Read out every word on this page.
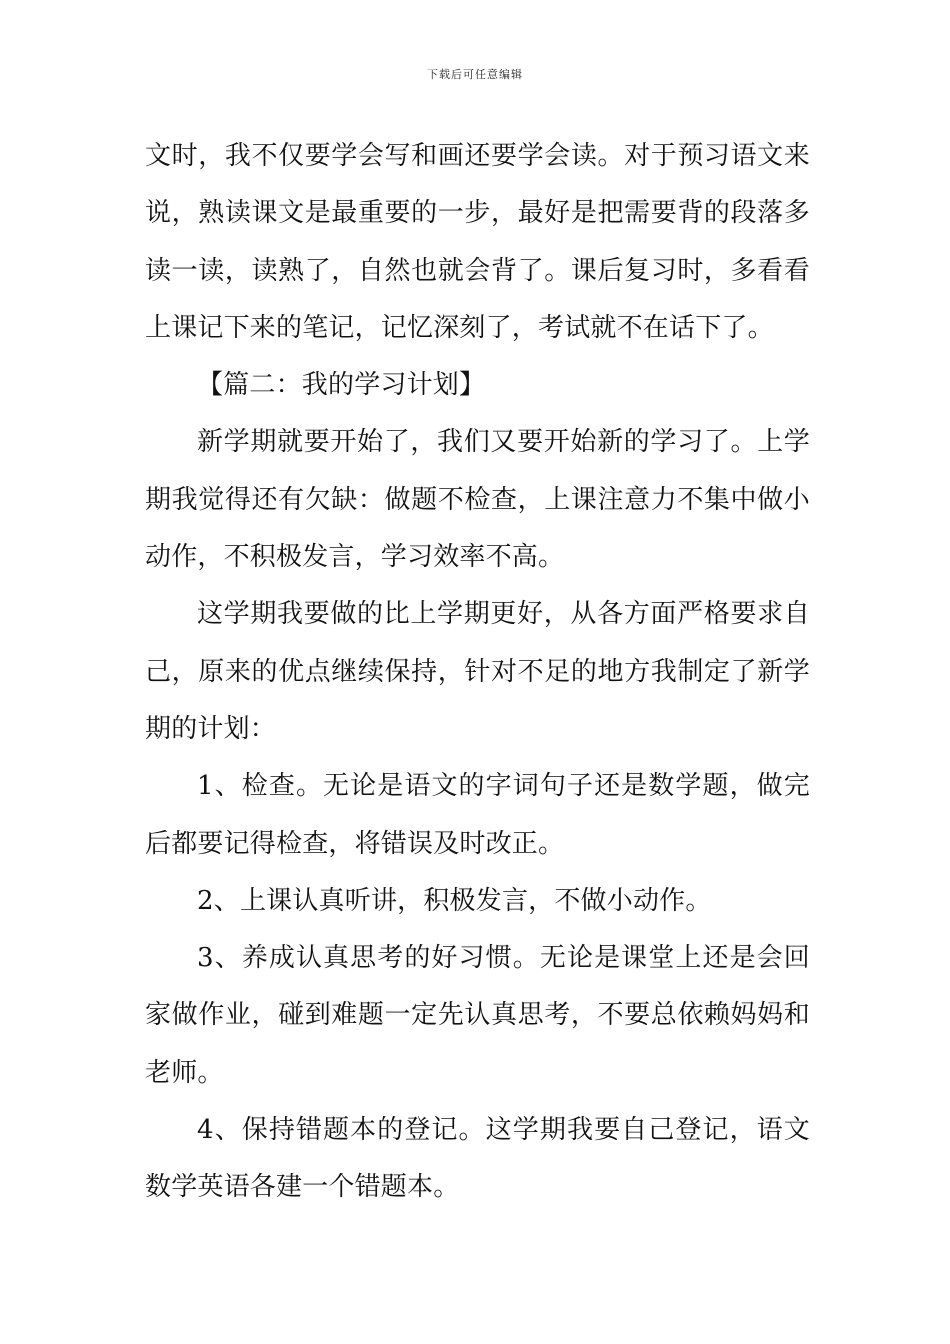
下载后可任意编辑

文时，我不仅要学会写和画还要学会读。对于预习语文来说，熟读课文是最重要的一步，最好是把需要背的段落多读一读，读熟了，自然也就会背了。课后复习时，多看看上课记下来的笔记，记忆深刻了，考试就不在话下了。

【篇二：我的学习计划】

新学期就要开始了，我们又要开始新的学习了。上学期我觉得还有欠缺：做题不检查，上课注意力不集中做小动作，不积极发言，学习效率不高。

这学期我要做的比上学期更好，从各方面严格要求自己，原来的优点继续保持，针对不足的地方我制定了新学期的计划：

1、检查。无论是语文的字词句子还是数学题，做完后都要记得检查，将错误及时改正。

2、上课认真听讲，积极发言，不做小动作。

3、养成认真思考的好习惯。无论是课堂上还是会回家做作业，碰到难题一定先认真思考，不要总依赖妈妈和老师。

4、保持错题本的登记。这学期我要自己登记，语文数学英语各建一个错题本。
